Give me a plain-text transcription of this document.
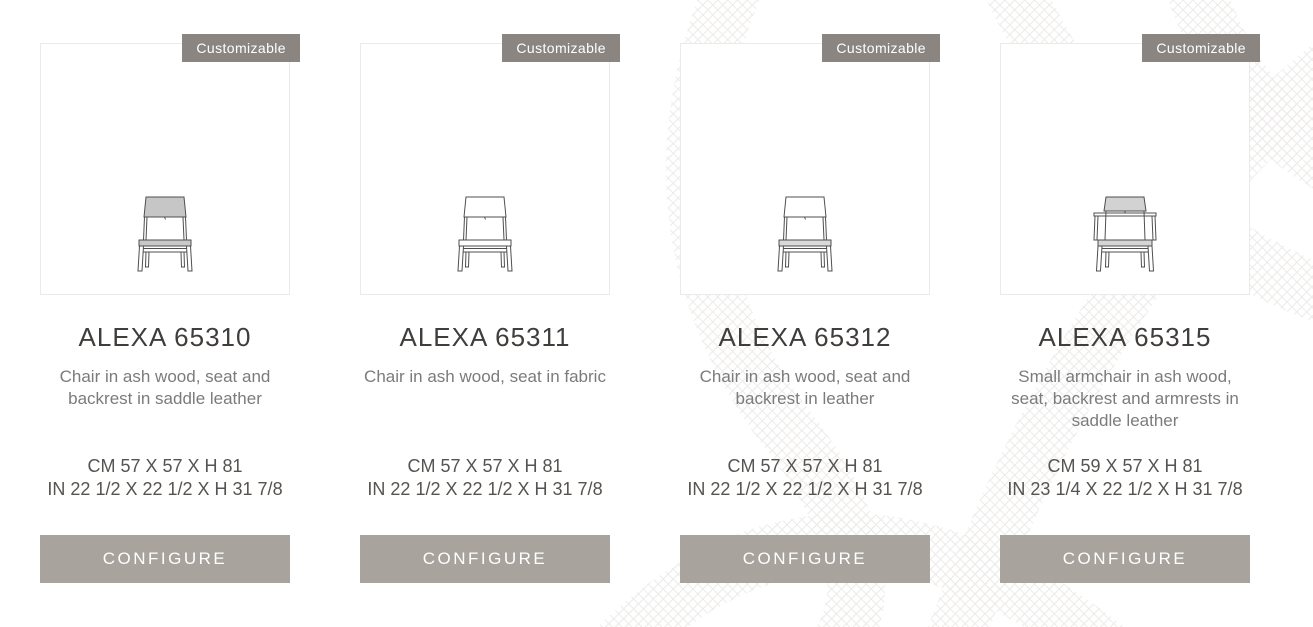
Customizable
ALEXA 65310
Chair in ash wood, seat and backrest in saddle leather
CM 57 X 57 X H 81
IN 22 1/2 X 22 1/2 X H 31 7/8
CONFIGURE
Customizable
ALEXA 65311
Chair in ash wood, seat in fabric
CM 57 X 57 X H 81
IN 22 1/2 X 22 1/2 X H 31 7/8
CONFIGURE
Customizable
ALEXA 65312
Chair in ash wood, seat and backrest in leather
CM 57 X 57 X H 81
IN 22 1/2 X 22 1/2 X H 31 7/8
CONFIGURE
Customizable
ALEXA 65315
Small armchair in ash wood, seat, backrest and armrests in saddle leather
CM 59 X 57 X H 81
IN 23 1/4 X 22 1/2 X H 31 7/8
CONFIGURE
